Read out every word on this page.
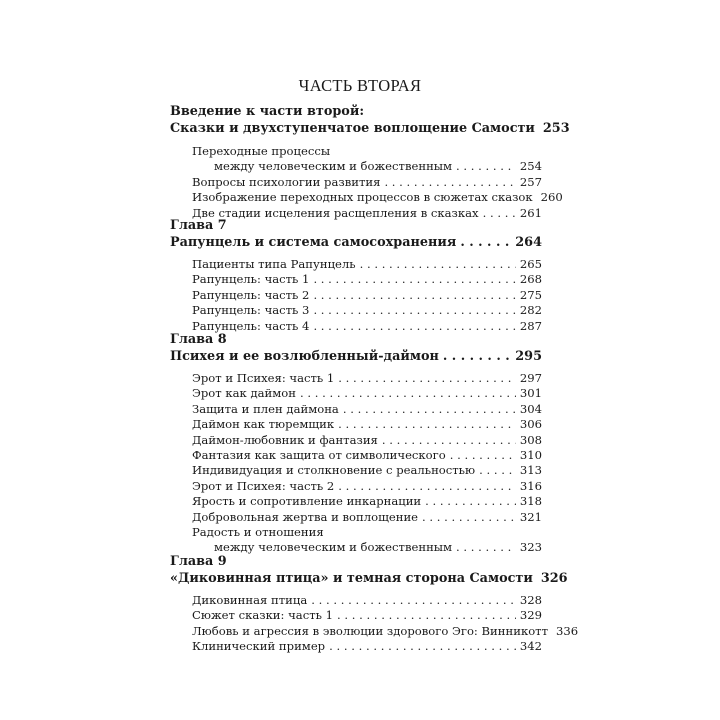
ЧАСТЬ ВТОРАЯ
Введение к части второй:
Сказки и двухступенчатое воплощение Самости 253
Переходные процессы
между человеческим и божественным . . .	254
Вопросы психологии развития . . .	257
Изображение переходных процессов в сюжетах сказок 260
Две стадии исцеления расщепления в сказках . . .	261
Глава 7
Рапунцель и система самосохранения . . .	264
Пациенты типа Рапунцель . . .	265
Рапунцель: часть 1 . . .	268
Рапунцель: часть 2 . . .	275
Рапунцель: часть 3 . . .	282
Рапунцель: часть 4 . . .	287
Глава 8
Психея и ее возлюбленный-даймон . . .	295
Эрот и Психея: часть 1 . . .	297
Эрот как даймон . . .	301
Защита и плен даймона . . .	304
Даймон как тюремщик . . .	306
Даймон-любовник и фантазия . . .	308
Фантазия как защита от символического . . .	310
Индивидуация и столкновение с реальностью . . .	313
Эрот и Психея: часть 2 . . .	316
Ярость и сопротивление инкарнации . . .	318
Добровольная жертва и воплощение . . .	321
Радость и отношения
между человеческим и божественным . . .	323
Глава 9
«Диковинная птица» и темная сторона Самости 326
Диковинная птица . . .	328
Сюжет сказки: часть 1 . . .	329
Любовь и агрессия в эволюции здорового Эго: Винникотт 336
Клинический пример . . .	342
